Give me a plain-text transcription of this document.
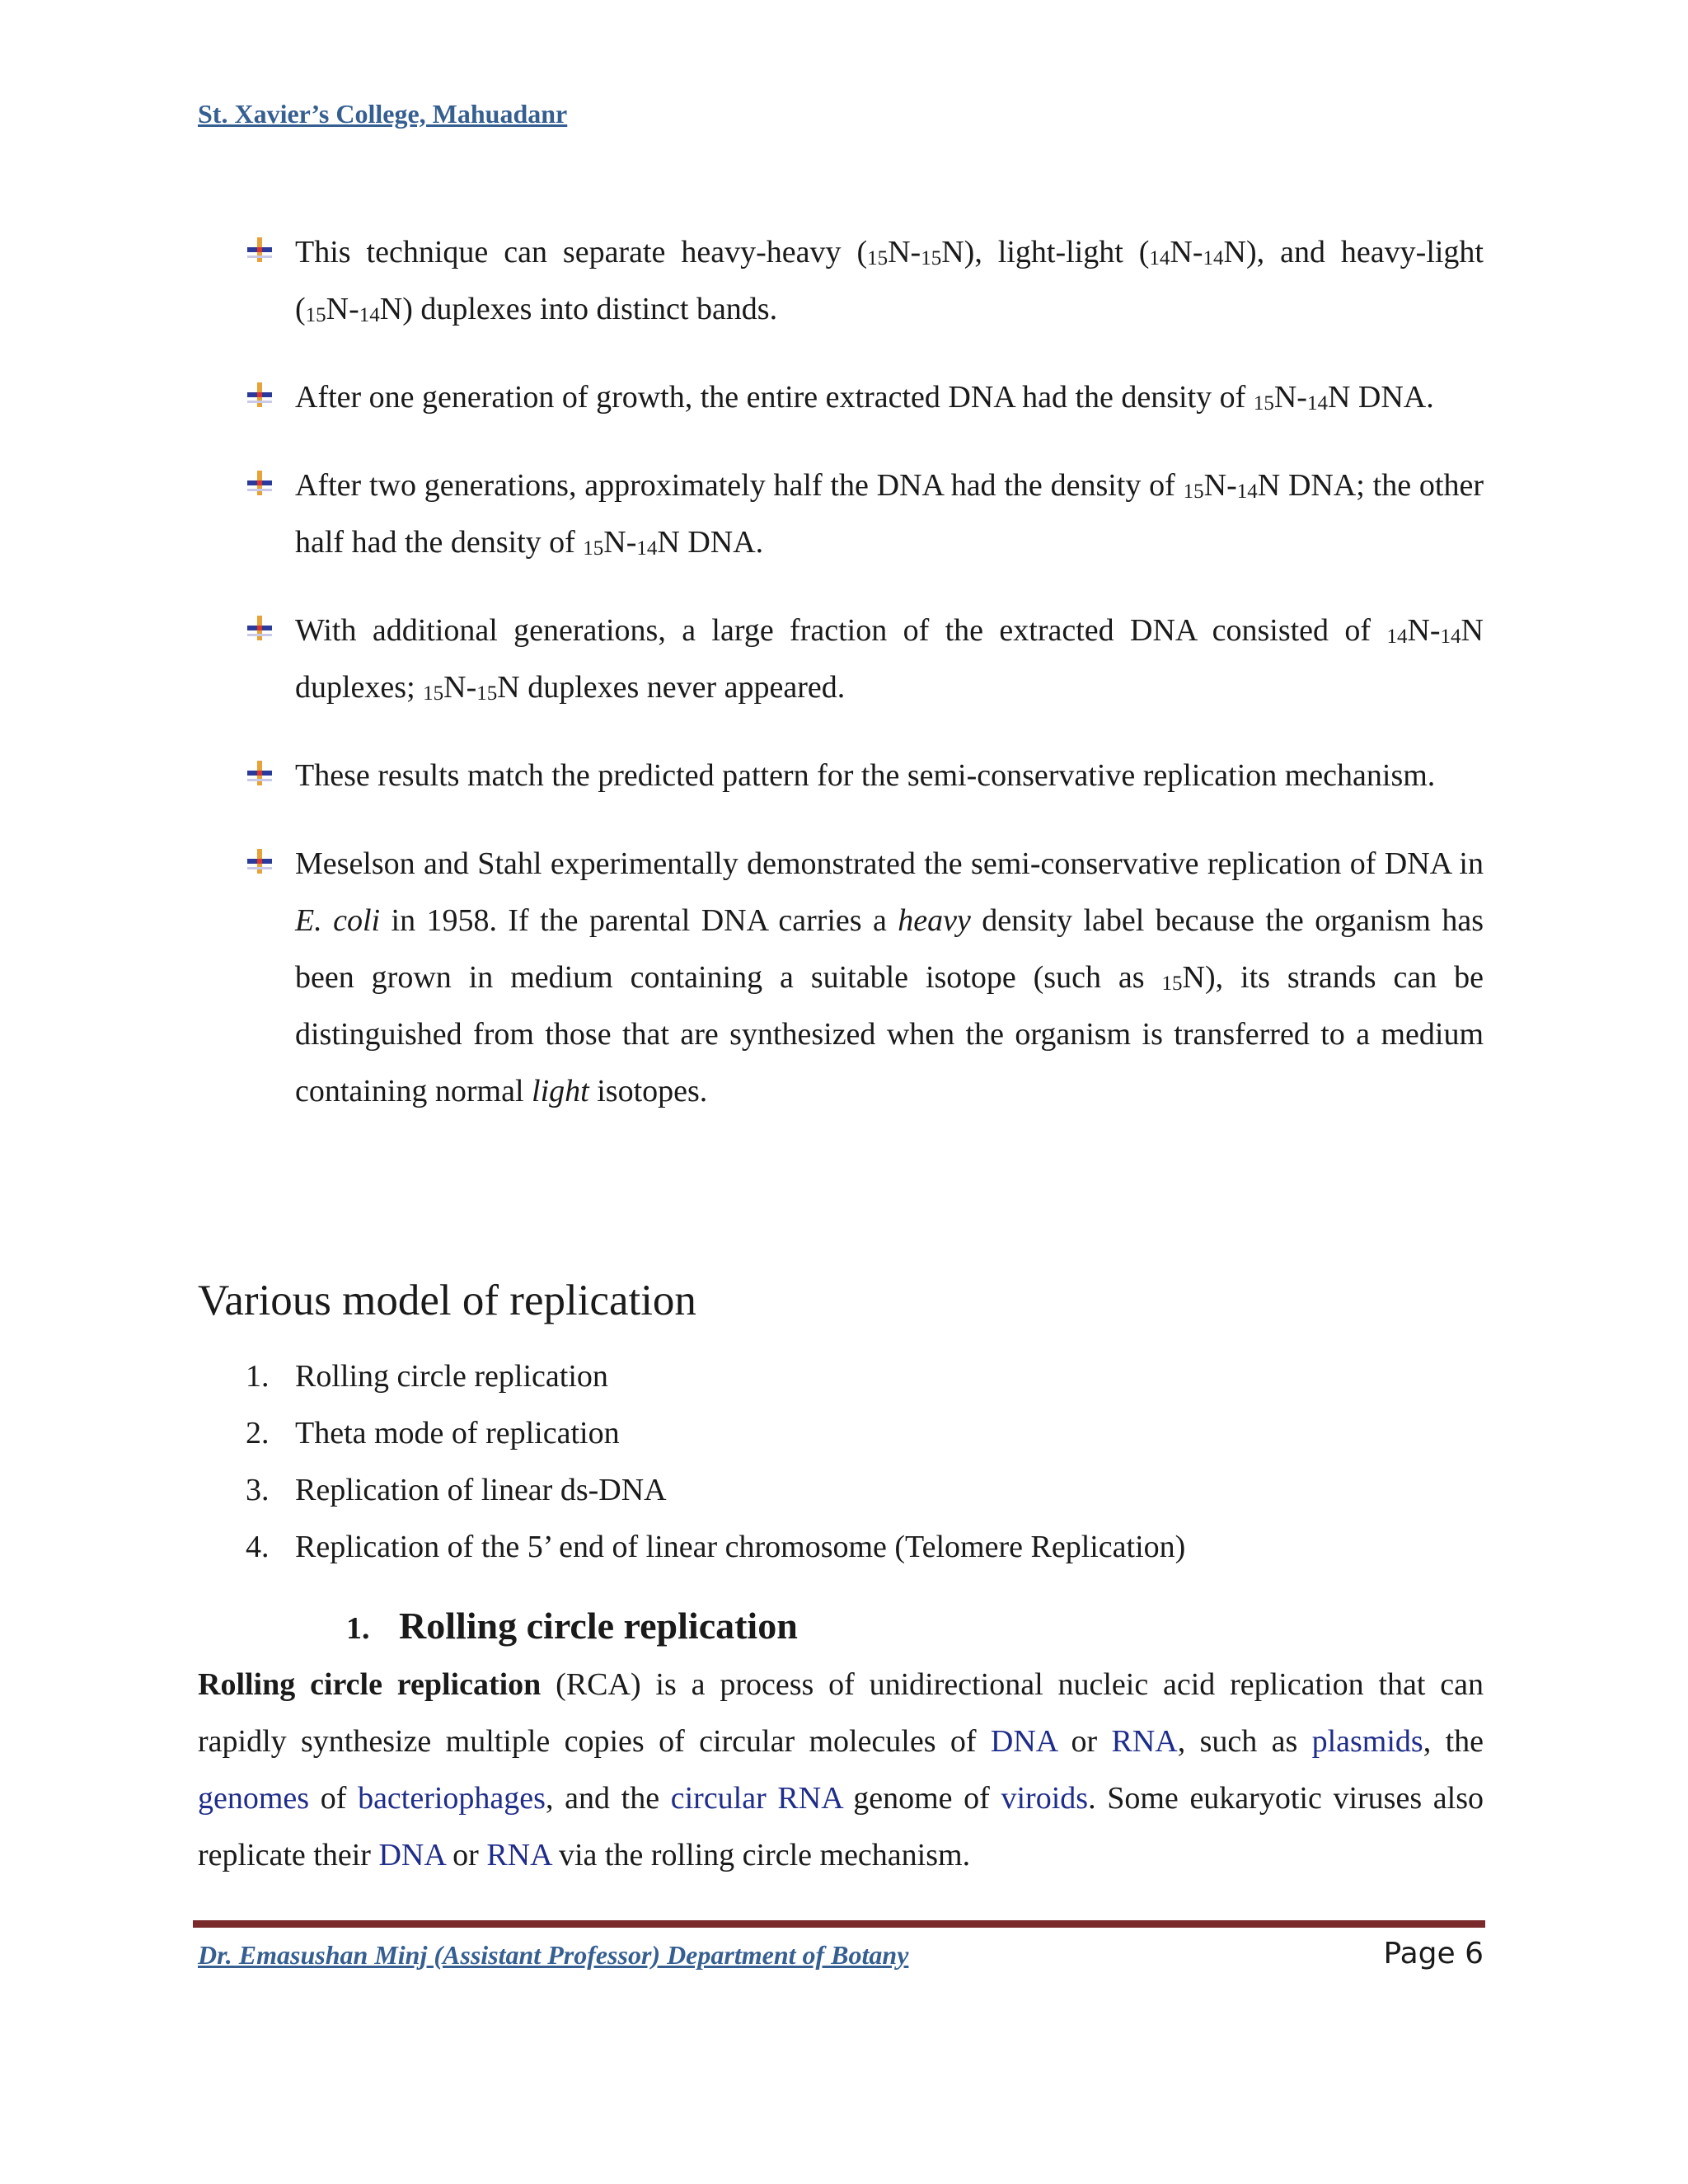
St. Xavier’s College, Mahuadanr
This technique can separate heavy-heavy $(_{15}N-_{15}N)$, light-light $(_{14}N-_{14}N)$, and heavy-light $(_{15}N-_{14}N)$ duplexes into distinct bands.
After one generation of growth, the entire extracted DNA had the density of $_{15}N-_{14}N$ DNA.
After two generations, approximately half the DNA had the density of $_{15}N-_{14}N$ DNA; the other half had the density of $_{15}N-_{14}N$ DNA.
With additional generations, a large fraction of the extracted DNA consisted of $_{14}N-_{14}N$ duplexes; $_{15}N-_{15}N$ duplexes never appeared.
These results match the predicted pattern for the semi-conservative replication mechanism.
Meselson and Stahl experimentally demonstrated the semi-conservative replication of DNA in E. coli in 1958. If the parental DNA carries a heavy density label because the organism has been grown in medium containing a suitable isotope (such as $_{15}$N), its strands can be distinguished from those that are synthesized when the organism is transferred to a medium containing normal light isotopes.
Various model of replication
1. Rolling circle replication
2. Theta mode of replication
3. Replication of linear ds-DNA
4. Replication of the 5’ end of linear chromosome (Telomere Replication)
1. Rolling circle replication
Rolling circle replication (RCA) is a process of unidirectional nucleic acid replication that can rapidly synthesize multiple copies of circular molecules of DNA or RNA, such as plasmids, the genomes of bacteriophages, and the circular RNA genome of viroids. Some eukaryotic viruses also replicate their DNA or RNA via the rolling circle mechanism.
Dr. Emasushan Minj (Assistant Professor) Department of Botany	Page 6
